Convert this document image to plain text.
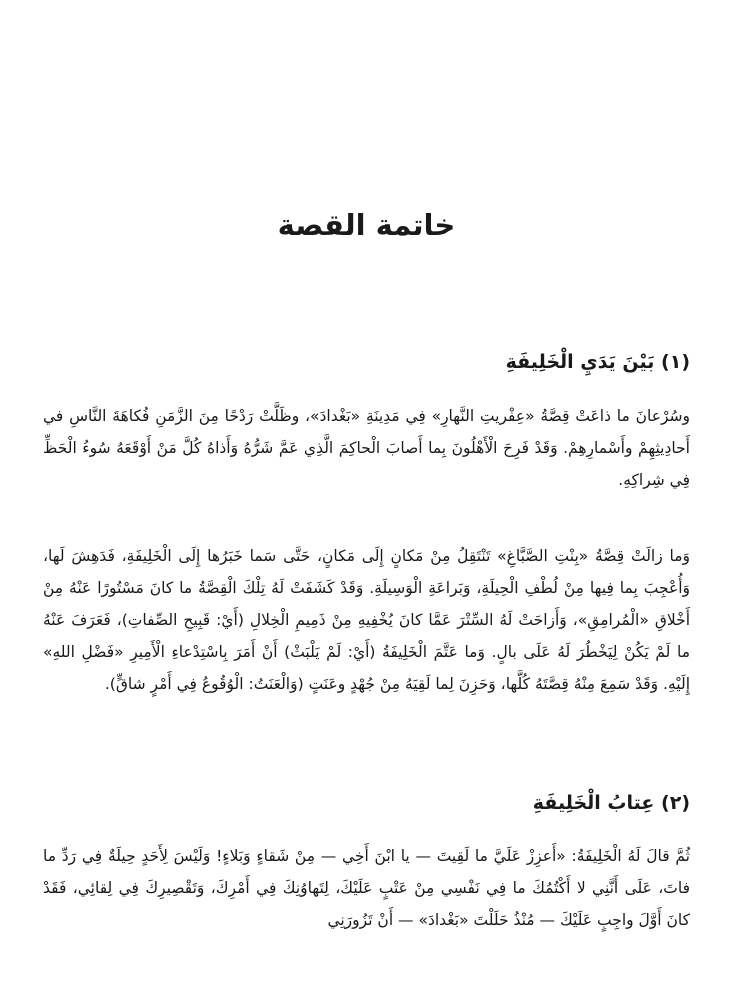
خاتمة القصة
(١) بَيْنَ يَدَيِ الْخَلِيفَةِ

وسُرْعانَ ما ذاعَتْ قِصَّةُ «عِفْريتِ النَّهارِ» فِي مَدِينَةِ «بَغْدادَ»، وظَلَّتْ رَدْحًا مِنَ الزَّمَنِ فُكاهَةَ النَّاسِ في أَحادِيثِهِمْ وأَسْمارِهِمْ. وَقَدْ فَرِحَ الْأَهْلُونَ بِما أَصابَ الْحاكِمَ الَّذِي عَمَّ شَرُّهُ وَأَذاهُ كُلَّ مَنْ أَوْقَعَهُ سُوءُ الْحَظِّ فِي شِراكِهِ.

وَما زالَتْ قِصَّةُ «بِنْتِ الصَّبَّاغِ» تَنْتَقِلُ مِنْ مَكانٍ إِلَى مَكانٍ، حَتَّى سَما خَبَرُها إِلَى الْخَلِيفَةِ، فَدَهِشَ لَها، وَأُعْجِبَ بِما فِيها مِنْ لُطْفِ الْحِيلَةِ، وَبَراعَةِ الْوَسِيلَةِ. وَقَدْ كَشَفَتْ لَهُ تِلْكَ الْقِصَّةُ ما كانَ مَسْتُورًا عَنْهُ مِنْ أَخْلاقِ «الْمُرامِقِ»، وَأَزاحَتْ لَهُ السِّتْرَ عَمَّا كانَ يُخْفِيهِ مِنْ ذَمِيمِ الْخِلالِ (أَيْ: قَبِيحِ الصِّفاتِ)، فَعَرَفَ عَنْهُ ما لَمْ يَكُنْ لِيَخْطُرَ لَهُ عَلَى بالٍ. وَما عَتَّمَ الْخَلِيفَةُ (أَيْ: لَمْ يَلْبَثْ) أَنْ أَمَرَ بِاسْتِدْعاءِ الْأَمِيرِ «فَضْلِ اللهِ» إِلَيْهِ. وَقَدْ سَمِعَ مِنْهُ قِصَّتَهُ كُلَّها، وَحَزِنَ لِما لَقِيَهُ مِنْ جُهْدٍ وعَنَتٍ (وَالْعَنَتُ: الْوُقُوعُ فِي أَمْرٍ شاقٍّ).

(٢) عِتابُ الْخَلِيفَةِ

ثُمَّ قالَ لَهُ الْخَلِيفَةُ: «أَعزِزْ عَلَيَّ ما لَقِيتَ — يا ابْنَ أَخِي — مِنْ شَقاءٍ وَبَلاءٍ! وَلَيْسَ لِأَحَدٍ حِيلَةٌ فِي رَدِّ ما فاتَ، عَلَى أَنَّنِي لا أَكْتُمُكَ ما فِي نَفْسِي مِنْ عَتْبٍ عَلَيْكَ، لِتَهاوُنِكَ فِي أَمْرِكَ، وَتَقْصِيرِكَ فِي لِقائِي، فَقَدْ كانَ أَوَّلَ واجِبٍ عَلَيْكَ — مُنْذُ حَلَلْتَ «بَغْدادَ» — أَنْ تَزُورَنِي
